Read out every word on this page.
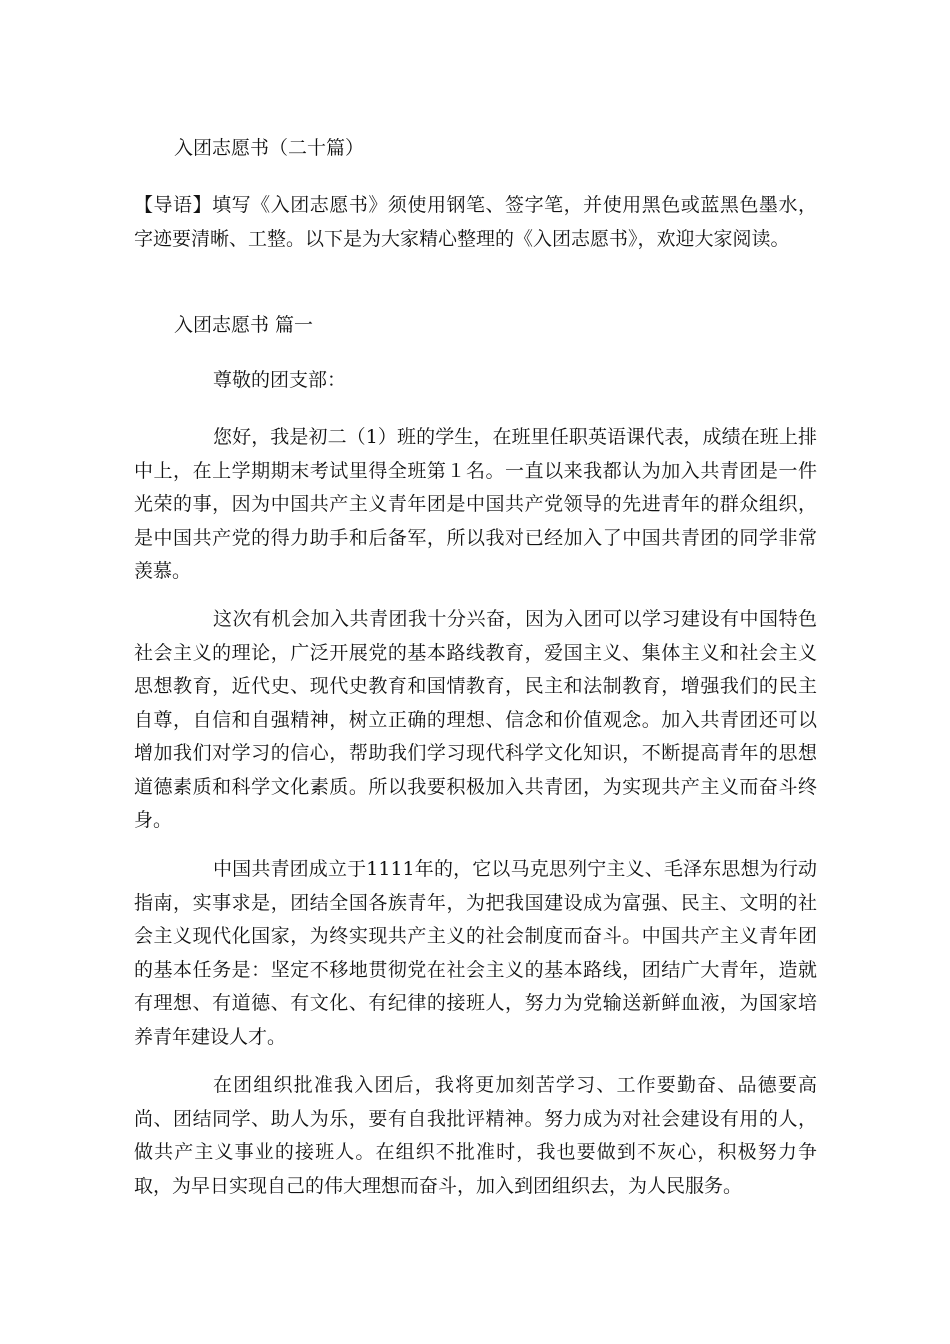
入团志愿书（二十篇）

【导语】填写《入团志愿书》须使用钢笔、签字笔，并使用黑色或蓝黑色墨水，字迹要清晰、工整。以下是为大家精心整理的《入团志愿书》，欢迎大家阅读。

入团志愿书 篇一

尊敬的团支部：

您好，我是初二（1）班的学生，在班里任职英语课代表，成绩在班上排中上，在上学期期末考试里得全班第１名。一直以来我都认为加入共青团是一件光荣的事，因为中国共产主义青年团是中国共产党领导的先进青年的群众组织，是中国共产党的得力助手和后备军，所以我对已经加入了中国共青团的同学非常羡慕。

这次有机会加入共青团我十分兴奋，因为入团可以学习建设有中国特色社会主义的理论，广泛开展党的基本路线教育，爱国主义、集体主义和社会主义思想教育，近代史、现代史教育和国情教育，民主和法制教育，增强我们的民主自尊，自信和自强精神，树立正确的理想、信念和价值观念。加入共青团还可以增加我们对学习的信心，帮助我们学习现代科学文化知识，不断提高青年的思想道德素质和科学文化素质。所以我要积极加入共青团，为实现共产主义而奋斗终身。

中国共青团成立于1111年的，它以马克思列宁主义、毛泽东思想为行动指南，实事求是，团结全国各族青年，为把我国建设成为富强、民主、文明的社会主义现代化国家，为终实现共产主义的社会制度而奋斗。中国共产主义青年团的基本任务是：坚定不移地贯彻党在社会主义的基本路线，团结广大青年，造就有理想、有道德、有文化、有纪律的接班人，努力为党输送新鲜血液，为国家培养青年建设人才。

在团组织批准我入团后，我将更加刻苦学习、工作要勤奋、品德要高尚、团结同学、助人为乐，要有自我批评精神。努力成为对社会建设有用的人，做共产主义事业的接班人。在组织不批准时，我也要做到不灰心，积极努力争取，为早日实现自己的伟大理想而奋斗，加入到团组织去，为人民服务。
